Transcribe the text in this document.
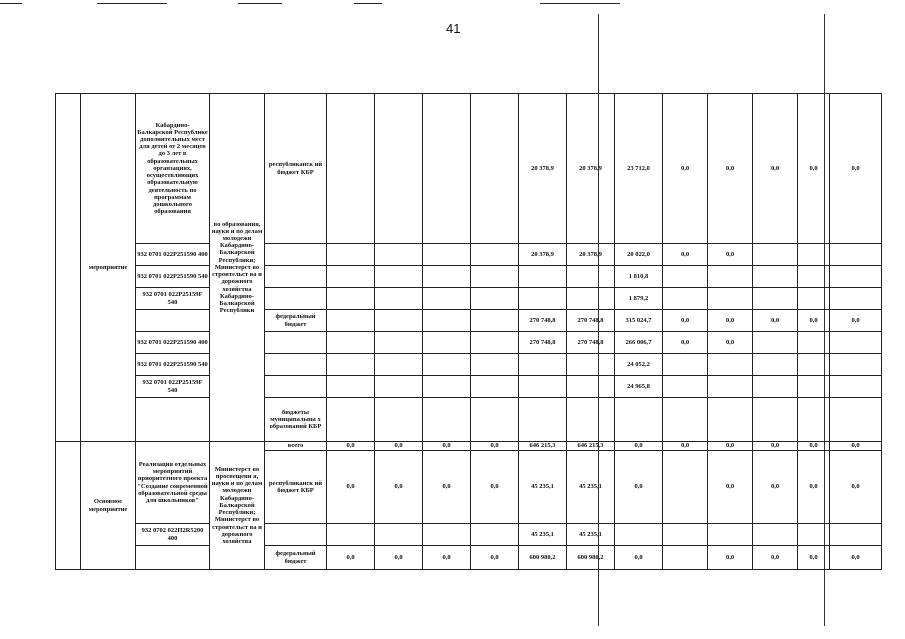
41
	мероприятие	Кабардино- Балкарской Республике дополнительных мест для детей от 2 месяцев до 3 лет в образовательных органзациях, осуществляющих образовательную деятельность по программам дошкольного образования	во образования, науки и по делам молодежи Кабардино- Балкарской Республики; Министерст во строительст ва и дорожного хозяйства Кабардино- Балкарской Республики	республиканск ий бюджет КБР					20 378,9	20 378,9	23 712,0	0,0	0,0	0,0	0,0	0,0
		932 0701 022P251590 400							20 378,9	20 378,9	20 022,0	0,0	0,0			
		932 0701 022P251590 540									1 810,8					
		932 0701 022P25159F 540									1 879,2					
				федеральный бюджет					270 748,8	270 748,8	315 024,7	0,0	0,0	0,0	0,0	0,0
		932 0701 022P251590 400							270 748,8	270 748,8	266 006,7	0,0	0,0			
		932 0701 022P251590 540									24 052,2					
		932 0701 022P25159F 540									24 965,8					
				бюджеты муниципальны х образований КБР												
	Основное мероприятие	Реализация отдельных мероприятий приоритетного проекта "Создание современной образовательной среды для школьников"	Министерст во просвещени я, науки и по делам молодежи Кабардино- Балкарской Республики; Министерст во строительст ва и дорожного хозяйства	всего	0,0	0,0	0,0	0,0	646 215,3	646 215,3	0,0	0,0	0,0	0,0	0,0	0,0
				республиканск ий бюджет КБР	0,0	0,0	0,0	0,0	45 235,1	45 235,1	0,0		0,0	0,0	0,0	0,0
		932 0702 022П2R5200 400							45 235,1	45 235,1						
				федеральный бюджет	0,0	0,0	0,0	0,0	600 980,2	600 980,2	0,0		0,0	0,0	0,0	0,0
